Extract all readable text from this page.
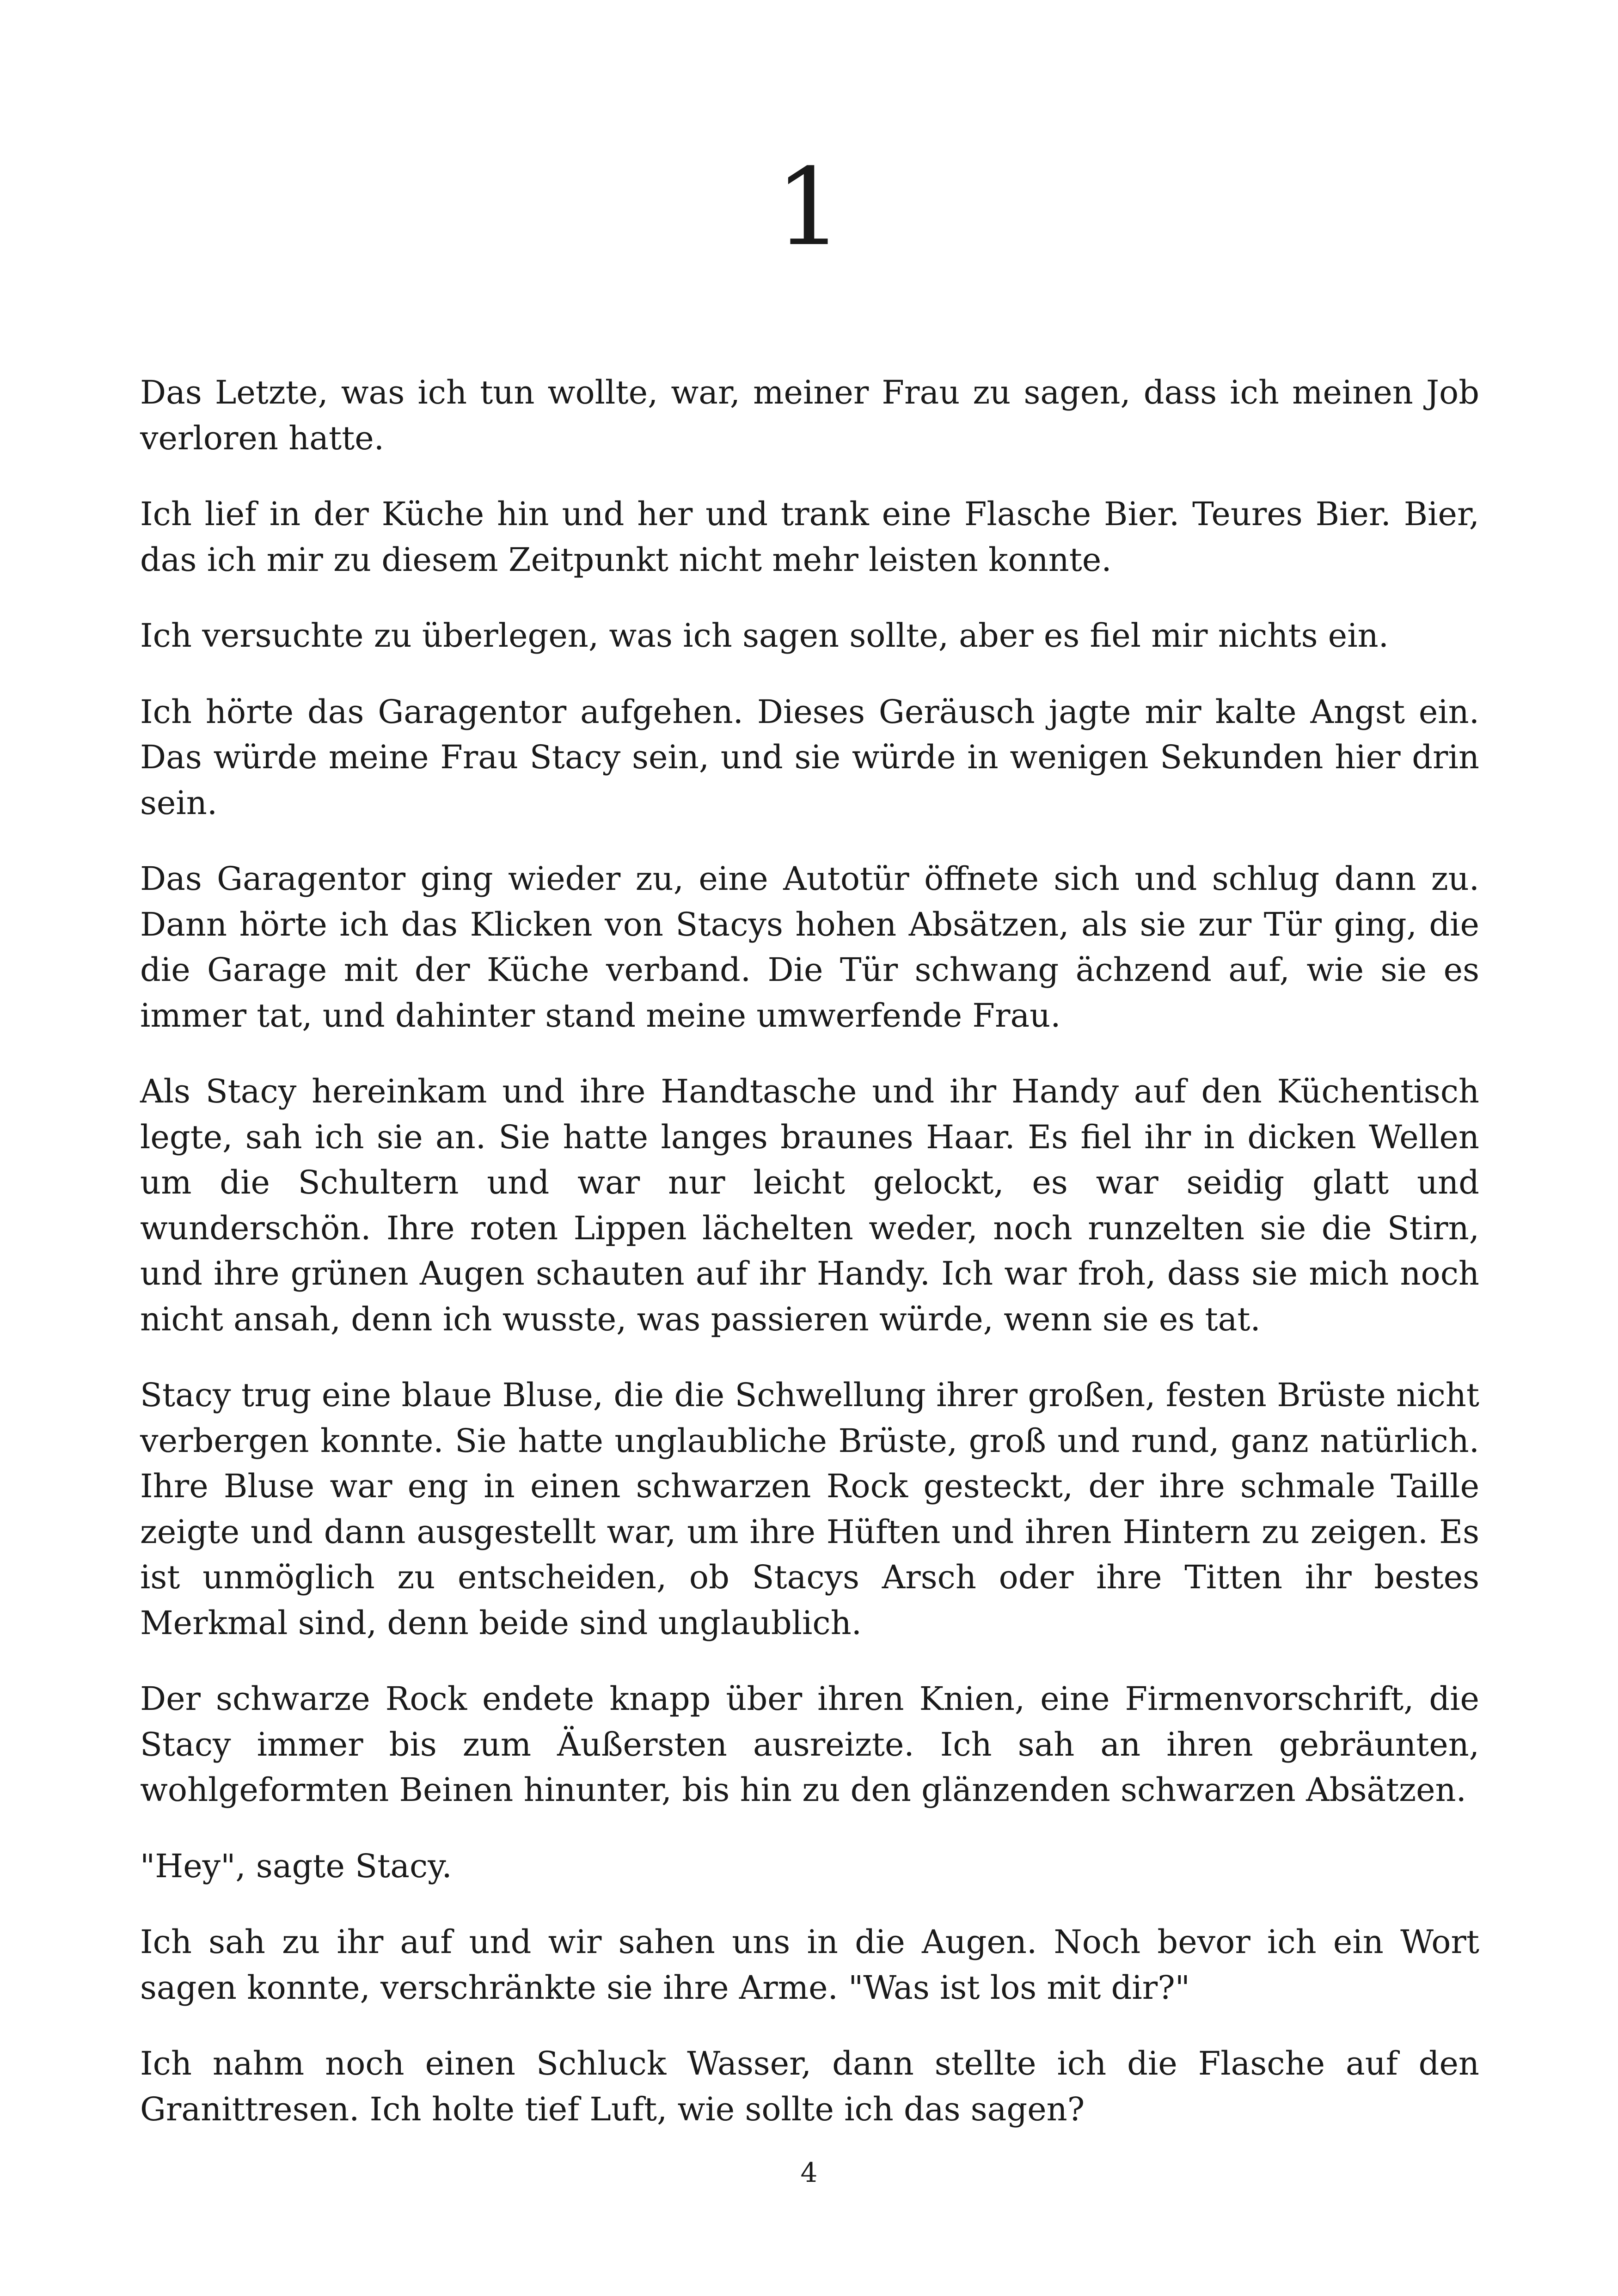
1

Das Letzte, was ich tun wollte, war, meiner Frau zu sagen, dass ich meinen Job verloren hatte.

Ich lief in der Küche hin und her und trank eine Flasche Bier. Teures Bier. Bier, das ich mir zu diesem Zeitpunkt nicht mehr leisten konnte.

Ich versuchte zu überlegen, was ich sagen sollte, aber es fiel mir nichts ein.

Ich hörte das Garagentor aufgehen. Dieses Geräusch jagte mir kalte Angst ein. Das würde meine Frau Stacy sein, und sie würde in wenigen Sekunden hier drin sein.

Das Garagentor ging wieder zu, eine Autotür öffnete sich und schlug dann zu. Dann hörte ich das Klicken von Stacys hohen Absätzen, als sie zur Tür ging, die die Garage mit der Küche verband. Die Tür schwang ächzend auf, wie sie es immer tat, und dahinter stand meine umwerfende Frau.

Als Stacy hereinkam und ihre Handtasche und ihr Handy auf den Küchentisch legte, sah ich sie an. Sie hatte langes braunes Haar. Es fiel ihr in dicken Wellen um die Schultern und war nur leicht gelockt, es war seidig glatt und wunderschön. Ihre roten Lippen lächelten weder, noch runzelten sie die Stirn, und ihre grünen Augen schauten auf ihr Handy. Ich war froh, dass sie mich noch nicht ansah, denn ich wusste, was passieren würde, wenn sie es tat.

Stacy trug eine blaue Bluse, die die Schwellung ihrer großen, festen Brüste nicht verbergen konnte. Sie hatte unglaubliche Brüste, groß und rund, ganz natürlich. Ihre Bluse war eng in einen schwarzen Rock gesteckt, der ihre schmale Taille zeigte und dann ausgestellt war, um ihre Hüften und ihren Hintern zu zeigen. Es ist unmöglich zu entscheiden, ob Stacys Arsch oder ihre Titten ihr bestes Merkmal sind, denn beide sind unglaublich.

Der schwarze Rock endete knapp über ihren Knien, eine Firmenvorschrift, die Stacy immer bis zum Äußersten ausreizte. Ich sah an ihren gebräunten, wohlgeformten Beinen hinunter, bis hin zu den glänzenden schwarzen Absätzen.

"Hey", sagte Stacy.

Ich sah zu ihr auf und wir sahen uns in die Augen. Noch bevor ich ein Wort sagen konnte, verschränkte sie ihre Arme. "Was ist los mit dir?"

Ich nahm noch einen Schluck Wasser, dann stellte ich die Flasche auf den Granittresen. Ich holte tief Luft, wie sollte ich das sagen?

4
